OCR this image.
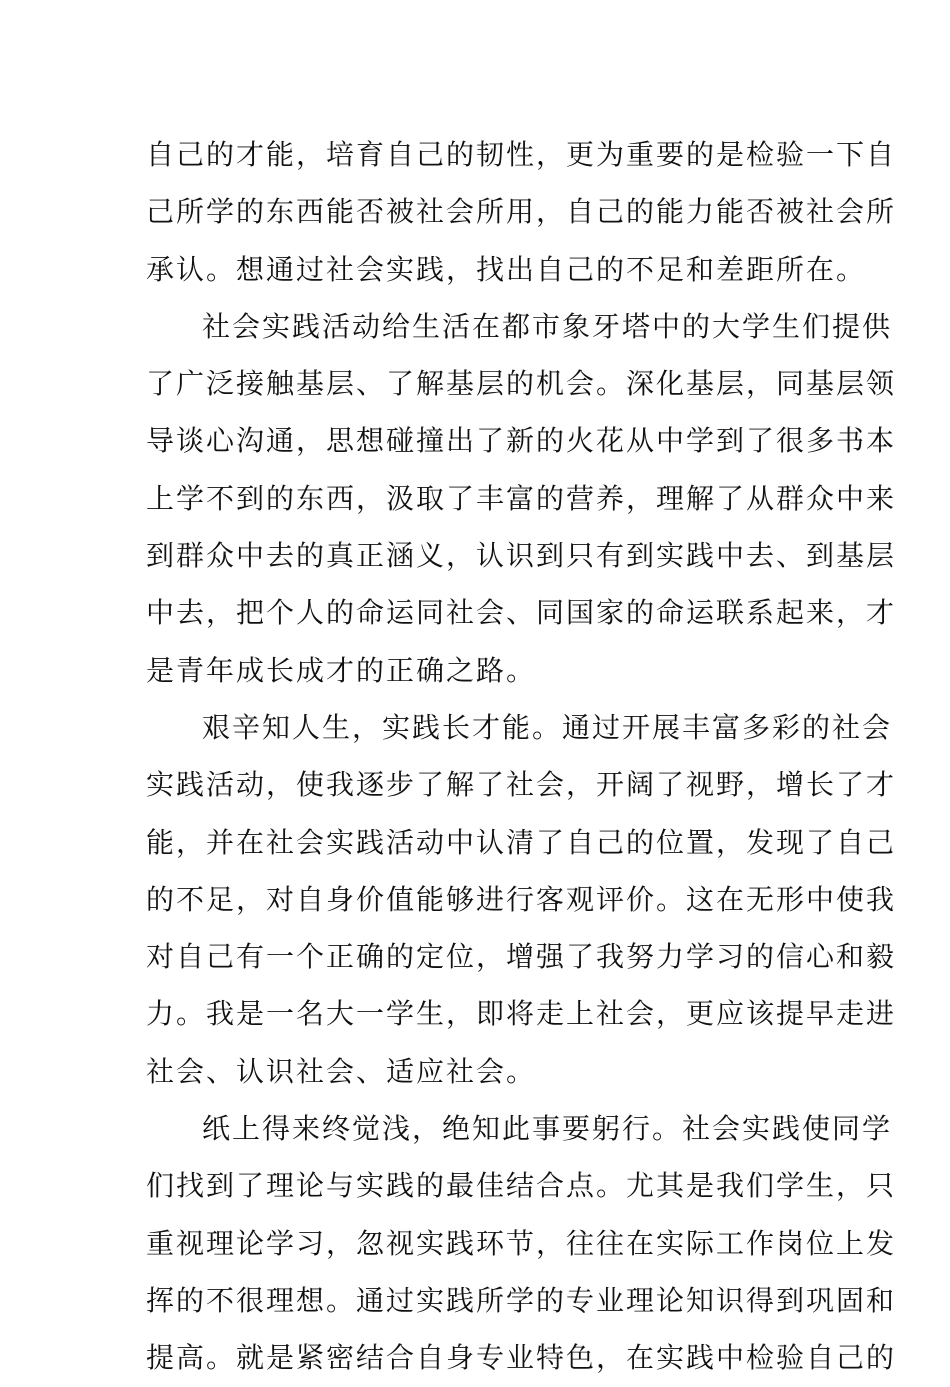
自己的才能，培育自己的韧性，更为重要的是检验一下自
己所学的东西能否被社会所用，自己的能力能否被社会所
承认。想通过社会实践，找出自己的不足和差距所在。
社会实践活动给生活在都市象牙塔中的大学生们提供
了广泛接触基层、了解基层的机会。深化基层，同基层领
导谈心沟通，思想碰撞出了新的火花从中学到了很多书本
上学不到的东西，汲取了丰富的营养，理解了从群众中来
到群众中去的真正涵义，认识到只有到实践中去、到基层
中去，把个人的命运同社会、同国家的命运联系起来，才
是青年成长成才的正确之路。
艰辛知人生，实践长才能。通过开展丰富多彩的社会
实践活动，使我逐步了解了社会，开阔了视野，增长了才
能，并在社会实践活动中认清了自己的位置，发现了自己
的不足，对自身价值能够进行客观评价。这在无形中使我
对自己有一个正确的定位，增强了我努力学习的信心和毅
力。我是一名大一学生，即将走上社会，更应该提早走进
社会、认识社会、适应社会。
纸上得来终觉浅，绝知此事要躬行。社会实践使同学
们找到了理论与实践的最佳结合点。尤其是我们学生，只
重视理论学习，忽视实践环节，往往在实际工作岗位上发
挥的不很理想。通过实践所学的专业理论知识得到巩固和
提高。就是紧密结合自身专业特色，在实践中检验自己的
